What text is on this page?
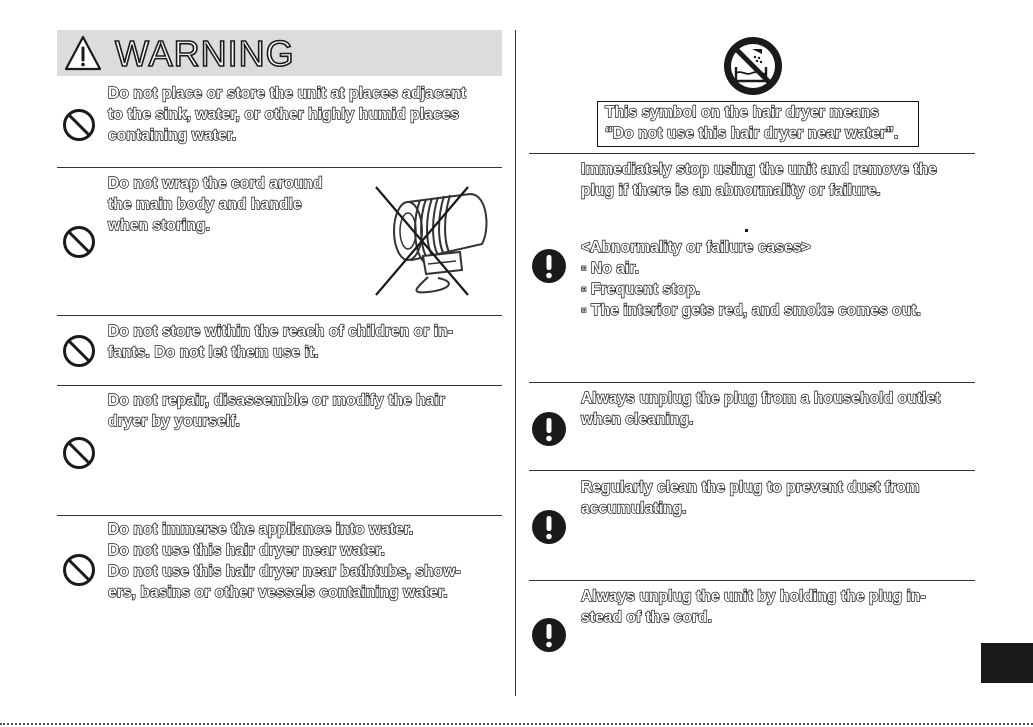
WARNING
Do not place or store the unit at places adjacent
to the sink, water, or other highly humid places
containing water.
Do not wrap the cord around
the main body and handle
when storing.
Do not store within the reach of children or in-
fants. Do not let them use it.
Do not repair, disassemble or modify the hair
dryer by yourself.
Do not immerse the appliance into water.
Do not use this hair dryer near water.
Do not use this hair dryer near bathtubs, show-
ers, basins or other vessels containing water.
This symbol on the hair dryer means
“Do not use this hair dryer near water”.
Immediately stop using the unit and remove the
plug if there is an abnormality or failure.
<Abnormality or failure cases>
▫ No air.
▫ Frequent stop.
▫ The interior gets red, and smoke comes out.
Always unplug the plug from a household outlet
when cleaning.
Regularly clean the plug to prevent dust from
accumulating.
Always unplug the unit by holding the plug in-
stead of the cord.
